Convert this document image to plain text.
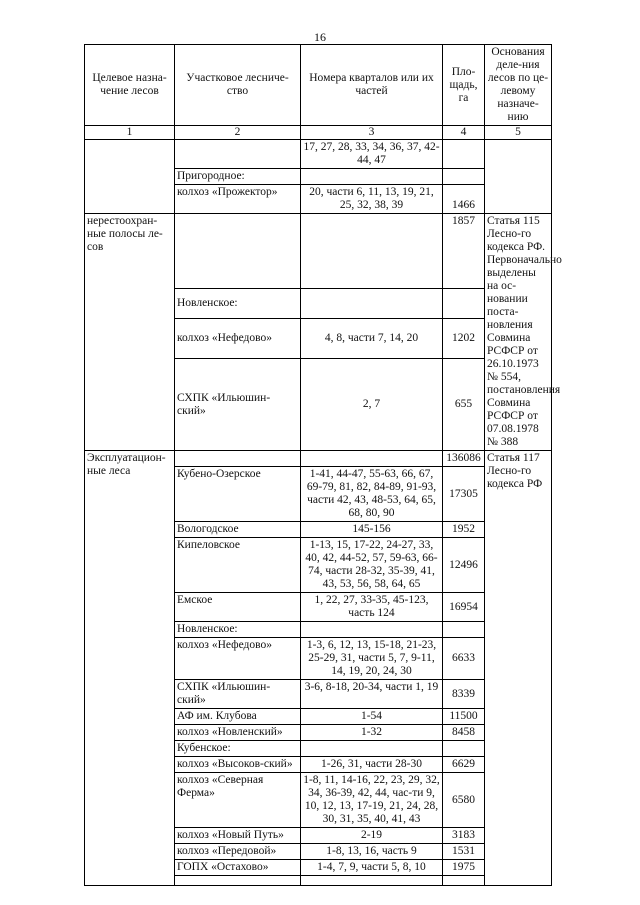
16
Целевое назна-чение лесов	Участковое лесниче-ство	Номера кварталов или их частей	Пло-щадь, га	Основания деле-ния лесов по це-левому назначе-нию
1	2	3	4	5
		17, 27, 28, 33, 34, 36, 37, 42-44, 47		
	Пригородное:			
	колхоз «Прожектор»	20, части 6, 11, 13, 19, 21, 25, 32, 38, 39	1466	
нерестоохран-ные полосы ле-сов			1857	Статья 115 Лесно-го кодекса РФ. Первоначально выделены на ос-новании поста-новления Совмина РСФСР от 26.10.1973 № 554, постановления Совмина РСФСР от 07.08.1978 № 388
	Новленское:			
	колхоз «Нефедово»	4, 8, части 7, 14, 20	1202	
	СХПК «Ильюшин-ский»	2, 7	655	
Эксплуатацион-ные леса			136086	Статья 117 Лесно-го кодекса РФ
	Кубено-Озерское	1-41, 44-47, 55-63, 66, 67, 69-79, 81, 82, 84-89, 91-93, части 42, 43, 48-53, 64, 65, 68, 80, 90	17305	
	Вологодское	145-156	1952	
	Кипеловское	1-13, 15, 17-22, 24-27, 33, 40, 42, 44-52, 57, 59-63, 66-74, части 28-32, 35-39, 41, 43, 53, 56, 58, 64, 65	12496	
	Емское	1, 22, 27, 33-35, 45-123, часть 124	16954	
	Новленское:			
	колхоз «Нефедово»	1-3, 6, 12, 13, 15-18, 21-23, 25-29, 31, части 5, 7, 9-11, 14, 19, 20, 24, 30	6633	
	СХПК «Ильюшин-ский»	3-6, 8-18, 20-34, части 1, 19	8339	
	АФ им. Клубова	1-54	11500	
	колхоз «Новленский»	1-32	8458	
	Кубенское:			
	колхоз «Высоков-ский»	1-26, 31, части 28-30	6629	
	колхоз «Северная Ферма»	1-8, 11, 14-16, 22, 23, 29, 32, 34, 36-39, 42, 44, час-ти 9, 10, 12, 13, 17-19, 21, 24, 28, 30, 31, 35, 40, 41, 43	6580	
	колхоз «Новый Путь»	2-19	3183	
	колхоз «Передовой»	1-8, 13, 16, часть 9	1531	
	ГОПХ «Остахово»	1-4, 7, 9, части 5, 8, 10	1975	
